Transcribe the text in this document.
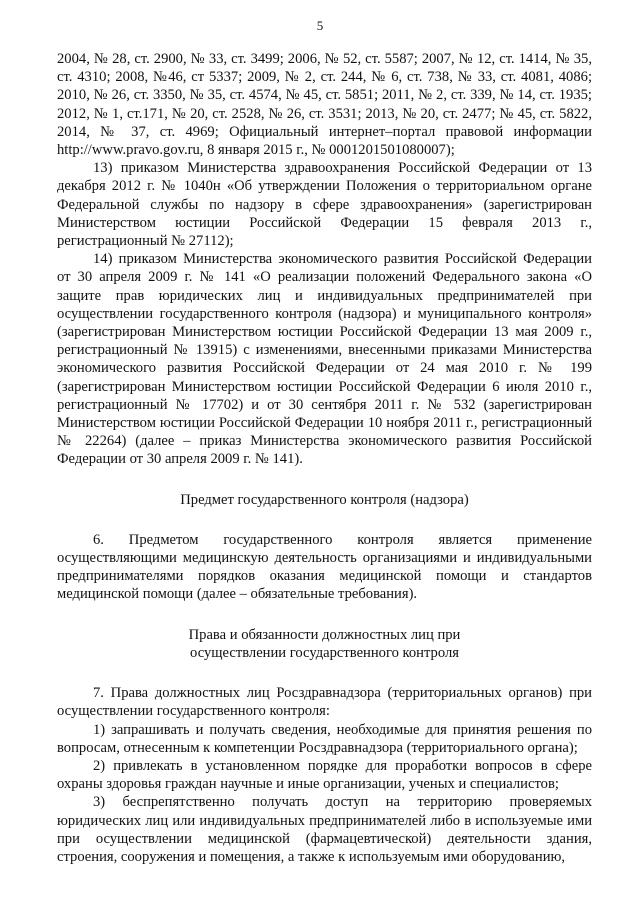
5

2004, № 28, ст. 2900, № 33, ст. 3499; 2006, № 52, ст. 5587; 2007, № 12, ст. 1414, № 35, ст. 4310; 2008, №46, ст 5337; 2009, № 2, ст. 244, № 6, ст. 738, № 33, ст. 4081, 4086; 2010, № 26, ст. 3350, № 35, ст. 4574, № 45, ст. 5851; 2011, № 2, ст. 339, № 14, ст. 1935; 2012, № 1, ст.171, № 20, ст. 2528, № 26, ст. 3531; 2013, № 20, ст. 2477; № 45, ст. 5822, 2014, № 37, ст. 4969; Официальный интернет–портал правовой информации http://www.pravo.gov.ru, 8 января 2015 г., № 0001201501080007);

13) приказом Министерства здравоохранения Российской Федерации от 13 декабря 2012 г. № 1040н «Об утверждении Положения о территориальном органе Федеральной службы по надзору в сфере здравоохранения» (зарегистрирован Министерством юстиции Российской Федерации 15 февраля 2013 г., регистрационный № 27112);

14) приказом Министерства экономического развития Российской Федерации от 30 апреля 2009 г. № 141 «О реализации положений Федерального закона «О защите прав юридических лиц и индивидуальных предпринимателей при осуществлении государственного контроля (надзора) и муниципального контроля» (зарегистрирован Министерством юстиции Российской Федерации 13 мая 2009 г., регистрационный № 13915) с изменениями, внесенными приказами Министерства экономического развития Российской Федерации от 24 мая 2010 г. № 199 (зарегистрирован Министерством юстиции Российской Федерации 6 июля 2010 г., регистрационный № 17702) и от 30 сентября 2011 г. № 532 (зарегистрирован Министерством юстиции Российской Федерации 10 ноября 2011 г., регистрационный № 22264) (далее – приказ Министерства экономического развития Российской Федерации от 30 апреля 2009 г. № 141).

Предмет государственного контроля (надзора)

6. Предметом государственного контроля является применение осуществляющими медицинскую деятельность организациями и индивидуальными предпринимателями порядков оказания медицинской помощи и стандартов медицинской помощи (далее – обязательные требования).

Права и обязанности должностных лиц при

осуществлении государственного контроля

7. Права должностных лиц Росздравнадзора (территориальных органов) при осуществлении государственного контроля:

1) запрашивать и получать сведения, необходимые для принятия решения по вопросам, отнесенным к компетенции Росздравнадзора (территориального органа);

2) привлекать в установленном порядке для проработки вопросов в сфере охраны здоровья граждан научные и иные организации, ученых и специалистов;

3) беспрепятственно получать доступ на территорию проверяемых юридических лиц или индивидуальных предпринимателей либо в используемые ими при осуществлении медицинской (фармацевтической) деятельности здания, строения, сооружения и помещения, а также к используемым ими оборудованию,
